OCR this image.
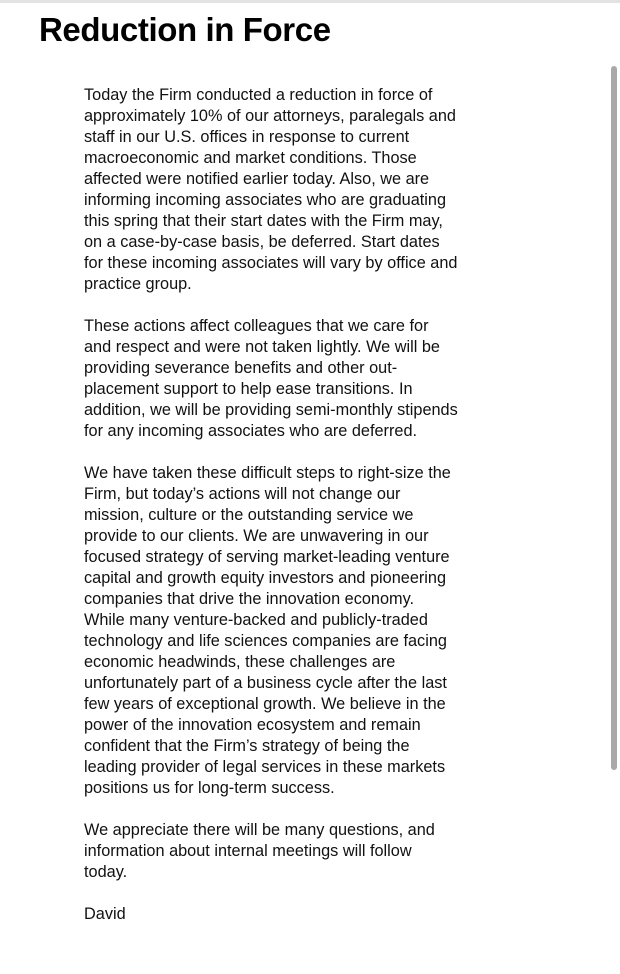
Reduction in Force

Today the Firm conducted a reduction in force of
approximately 10% of our attorneys, paralegals and
staff in our U.S. offices in response to current
macroeconomic and market conditions. Those
affected were notified earlier today. Also, we are
informing incoming associates who are graduating
this spring that their start dates with the Firm may,
on a case-by-case basis, be deferred. Start dates
for these incoming associates will vary by office and
practice group.

These actions affect colleagues that we care for
and respect and were not taken lightly. We will be
providing severance benefits and other out-
placement support to help ease transitions. In
addition, we will be providing semi-monthly stipends
for any incoming associates who are deferred.

We have taken these difficult steps to right-size the
Firm, but today’s actions will not change our
mission, culture or the outstanding service we
provide to our clients. We are unwavering in our
focused strategy of serving market-leading venture
capital and growth equity investors and pioneering
companies that drive the innovation economy.
While many venture-backed and publicly-traded
technology and life sciences companies are facing
economic headwinds, these challenges are
unfortunately part of a business cycle after the last
few years of exceptional growth. We believe in the
power of the innovation ecosystem and remain
confident that the Firm’s strategy of being the
leading provider of legal services in these markets
positions us for long-term success.

We appreciate there will be many questions, and
information about internal meetings will follow
today.

David
